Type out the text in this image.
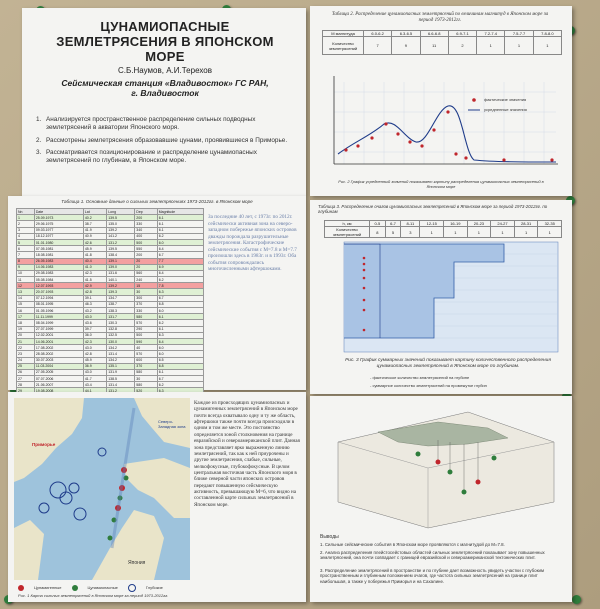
ЦУНАМИОПАСНЫЕ
ЗЕМЛЕТРЯСЕНИЯ В ЯПОНСКОМ
МОРЕ
С.Б.Наумов, А.И.Терехов
Сейсмическая станция «Владивосток» ГС РАН,
г. Владивосток
1. Анализируется пространственное распределение сильных подводных землетрясений в акватории Японского моря.
2. Рассмотрены землетрясения образовавшие цунами, проявившиеся в Приморье.
3. Рассматривается позиционирование и распределение цунамиопасных землетрясений по глубинам, в Японском море.
Таблица 2. Распределение цунамиопасных землетрясений по величинам магнитуд в Японском море за период 1973-2012гг.
М магнитуда	6.0-6.2	6.3-6.5	6.6-6.8	6.9-7.1	7.2-7.4	7.5-7.7	7.8-8.0
Количество землетрясений	7	9	11	2	1	1	1
фактические значения
усредненные значения
Рис. 2 График усредненный значений показывает картину распределения цунамиопасных землетрясений в Японском море
Таблица 1. Основные данные о сильных землетрясениях 1973-2012гг. в Японском море
Nn	Date	Lat	Long	Dep	Magnitude
1	25.09.1973	40.2	139.5	200	6.1
2	29.06.1975	38.7	135.0	330	6.1
3	09.03.1977	41.9	139.2	340	6.1
4	18.12.1977	40.9	141.2	400	6.2
5	01.01.1980	42.6	131.2	500	6.0
6	07.05.1981	45.9	139.5	550	6.4
7	18.08.1981	41.8	138.4	200	6.7
8	26.05.1983	40.4	139.1	20	7.7
9	14.06.1983	41.0	139.0	20	6.9
10	29.08.1983	42.3	131.6	560	6.4
11	05.08.1984	41.5	140.1	240	6.2
12	12.07.1993	42.9	139.2	15	7.8
13	20.07.1993	42.8	139.3	30	6.3
14	07.12.1994	39.1	134.7	300	6.7
15	08.01.1995	46.3	138.7	370	6.8
16	01.05.1996	43.2	138.3	330	6.0
17	11.11.1999	43.0	131.7	580	6.1
18	08.04.1999	43.6	130.3	570	6.2
19	27.07.1999	39.7	132.8	290	6.1
20	12.02.2001	36.0	132.5	500	6.3
21	14.06.2001	42.3	130.0	590	6.4
22	17.08.2002	43.0	134.2	40	6.0
23	28.08.2002	42.8	131.4	570	6.0
24	30.07.2003	45.9	134.2	600	6.5
25	11.03.2004	36.9	135.1	370	6.8
26	27.05.2005	43.0	131.9	580	6.1
27	07.07.2006	41.7	138.5	30	6.7
28	21.06.2007	43.4	131.4	580	6.2

За последние 40 лет, с 1973г. по 2012г. сейсмически активная зона на северо-западном побережье японских островов дважды порождала разрушительные землетрясения. Катастрофические сейсмические события с М=7.8 и М=7.7 произошли здесь в 1983г. и в 1993г. Оба события сопровождались многочисленными афтершоками.
Таблица 3. Распределение очагов цунамиопасных землетрясений в Японском море за период 1973-2012гг. по глубинам
h, км	0-5	6-7	8-11	12-15	16-19	20-23	24-27	28-31	32-35
Количество землетрясений	8	5	3	1	1	1	1	1	1
Рис. 3 График суммарных значений показывает картину количественного распределения цунамиопасных землетрясений в Японском море по глубинам.
- фактическое количество землетрясений на глубине
- суммарное количество землетрясений на промежутке глубин
Северо-Западная зона
Приморье
Япония
Каждое из происходящих цунамиопасных и цунамигенных землетрясений в Японском море почти всегда охватывало одну и ту же область, афтершоки также почти всегда происходили в одном и том же месте. Это постоянство определяется зоной столкновения на границе евразийской и североамериканской плит. Данная зона представляет ярко выраженную линию землетрясений, так как к ней приурочены и другие землетрясения, слабые, сильные, мелкофокусные, глубокофокусные. В целом центральная восточная часть Японского моря в ближе северной части японских островов передают повышенную сейсмическую активность, превышающую М=6, что видно на составленной карте сильных землетрясений в Японском море.
Цунамигенные	Цунамиопасные	Глубокие
Рис. 1 Карта сильных землетрясений в Японском море за период 1973-2012гг.
Выводы
1. Сильные сейсмические события в Японском море проявляются с магнитудой до М=7.8.
2. Анализ распределения плейстосейстовых областей сильных землетрясений показывает зону повышенных землетрясений, она почти совпадает с границей евразийской и североамериканской тектонических плит.
3. Распределение землетрясений в пространстве и по глубине дает возможность увидеть участки с глубоким пространственным и глубинным положением очагов, где частота сильных землетрясений на границе плит наибольшая, а также у побережья Приморья и на Сахалине.
